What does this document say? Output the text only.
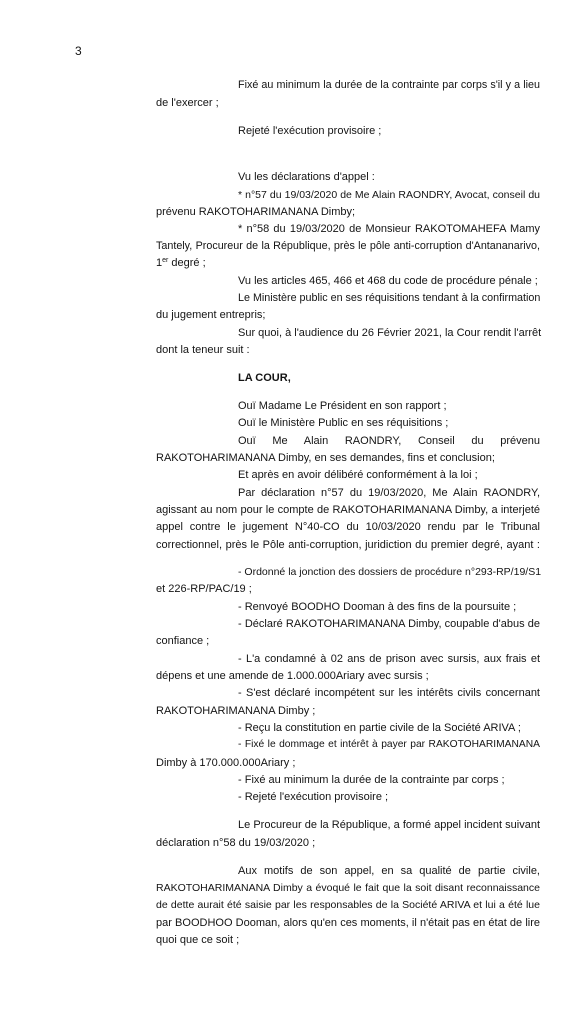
3
Fixé au minimum la durée de la contrainte par corps s'il y a lieu
de l'exercer ;
Rejeté l'exécution provisoire ;
Vu les déclarations d'appel :
* n°57 du 19/03/2020 de Me Alain RAONDRY, Avocat, conseil du
prévenu RAKOTOHARIMANANA Dimby;
* n°58 du 19/03/2020 de Monsieur RAKOTOMAHEFA Mamy
Tantely, Procureur de la République, près le pôle anti-corruption d'Antananarivo,
1er degré ;
Vu les articles 465, 466 et 468 du code de procédure pénale ;
Le Ministère public en ses réquisitions tendant à la confirmation
du jugement entrepris;
Sur quoi, à l'audience du 26 Février 2021, la Cour rendit l'arrêt
dont la teneur suit :
LA COUR,
Ouï Madame Le Président en son rapport ;
Ouï le Ministère Public en ses réquisitions ;
Ouï Me Alain RAONDRY, Conseil du prévenu
RAKOTOHARIMANANA Dimby, en ses demandes, fins et conclusion;
Et après en avoir délibéré conformément à la loi ;
Par déclaration n°57 du 19/03/2020, Me Alain RAONDRY,
agissant au nom pour le compte de RAKOTOHARIMANANA Dimby, a interjeté
appel contre le jugement N°40-CO du 10/03/2020 rendu par le Tribunal
correctionnel, près le Pôle anti-corruption, juridiction du premier degré, ayant :
- Ordonné la jonction des dossiers de procédure n°293-RP/19/S1
et 226-RP/PAC/19 ;
- Renvoyé BOODHO Dooman à des fins de la poursuite ;
- Déclaré RAKOTOHARIMANANA Dimby, coupable d'abus de
confiance ;
- L'a condamné à 02 ans de prison avec sursis, aux frais et
dépens et une amende de 1.000.000Ariary avec sursis ;
- S'est déclaré incompétent sur les intérêts civils concernant
RAKOTOHARIMANANA Dimby ;
- Reçu la constitution en partie civile de la Société ARIVA ;
- Fixé le dommage et intérêt à payer par RAKOTOHARIMANANA
Dimby à 170.000.000Ariary ;
- Fixé au minimum la durée de la contrainte par corps ;
- Rejeté l'exécution provisoire ;
Le Procureur de la République, a formé appel incident suivant
déclaration n°58 du 19/03/2020 ;
Aux motifs de son appel, en sa qualité de partie civile,
RAKOTOHARIMANANA Dimby a évoqué le fait que la soit disant reconnaissance
de dette aurait été saisie par les responsables de la Société ARIVA et lui a été lue
par BOODHOO Dooman, alors qu'en ces moments, il n'était pas en état de lire
quoi que ce soit ;
